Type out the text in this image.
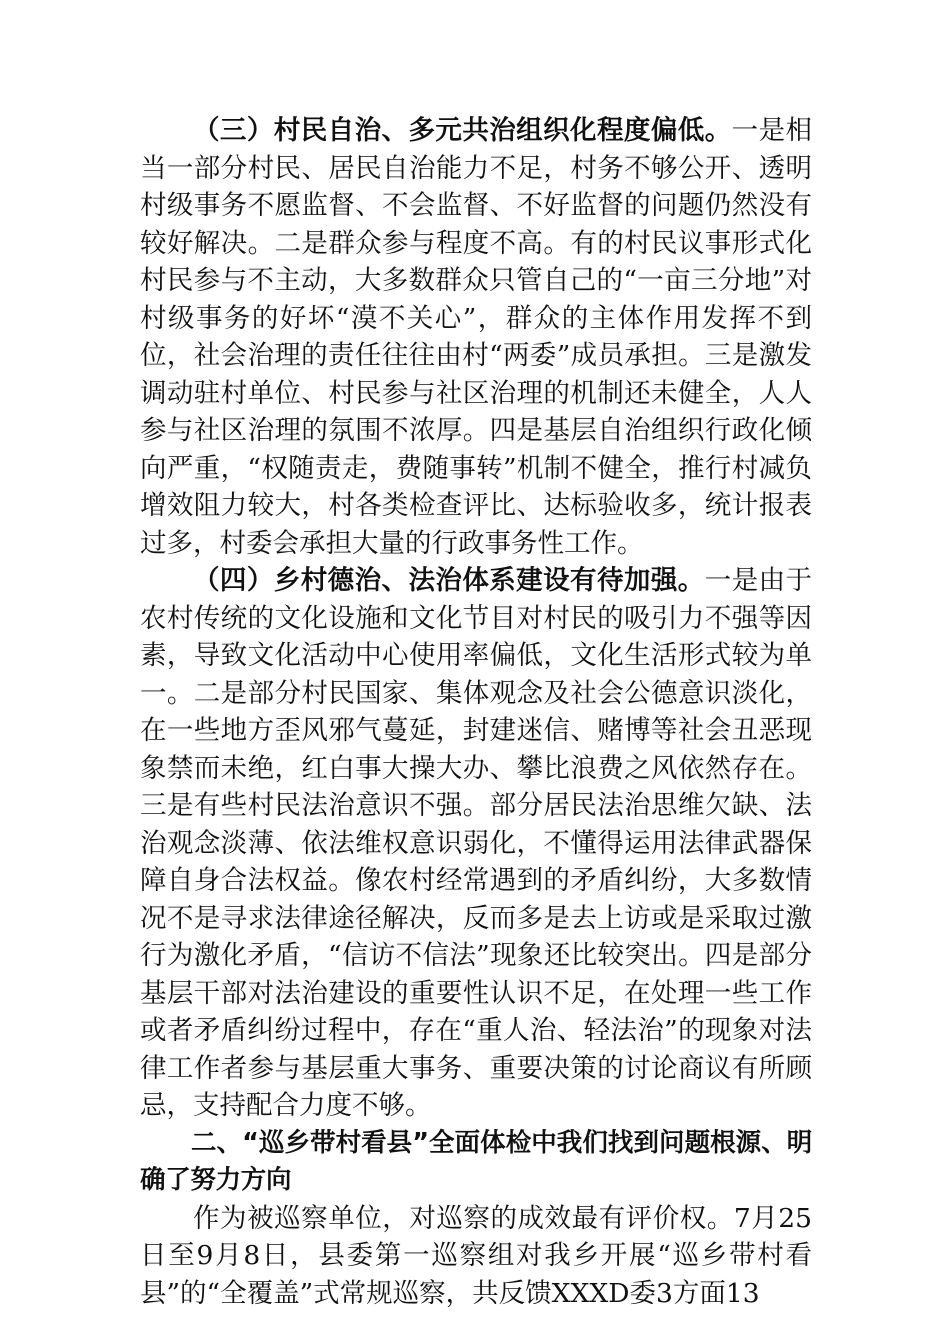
（三）村民自治、多元共治组织化程度偏低。一是相当一部分村民、居民自治能力不足，村务不够公开、透明村级事务不愿监督、不会监督、不好监督的问题仍然没有较好解决。二是群众参与程度不高。有的村民议事形式化村民参与不主动，大多数群众只管自己的“一亩三分地”对村级事务的好坏“漠不关心”，群众的主体作用发挥不到位，社会治理的责任往往由村“两委”成员承担。三是激发调动驻村单位、村民参与社区治理的机制还未健全，人人参与社区治理的氛围不浓厚。四是基层自治组织行政化倾向严重，“权随责走，费随事转”机制不健全，推行村减负增效阻力较大，村各类检查评比、达标验收多，统计报表过多，村委会承担大量的行政事务性工作。

（四）乡村德治、法治体系建设有待加强。一是由于农村传统的文化设施和文化节目对村民的吸引力不强等因素，导致文化活动中心使用率偏低，文化生活形式较为单一。二是部分村民国家、集体观念及社会公德意识淡化，在一些地方歪风邪气蔓延，封建迷信、赌博等社会丑恶现象禁而未绝，红白事大操大办、攀比浪费之风依然存在。三是有些村民法治意识不强。部分居民法治思维欠缺、法治观念淡薄、依法维权意识弱化，不懂得运用法律武器保障自身合法权益。像农村经常遇到的矛盾纠纷，大多数情况不是寻求法律途径解决，反而多是去上访或是采取过激行为激化矛盾，“信访不信法”现象还比较突出。四是部分基层干部对法治建设的重要性认识不足，在处理一些工作或者矛盾纠纷过程中，存在“重人治、轻法治”的现象对法律工作者参与基层重大事务、重要决策的讨论商议有所顾忌，支持配合力度不够。

二、“巡乡带村看县”全面体检中我们找到问题根源、明确了努力方向

作为被巡察单位，对巡察的成效最有评价权。7月25日至9月8日，县委第一巡察组对我乡开展“巡乡带村看县”的“全覆盖”式常规巡察，共反馈XXXD委3方面13
